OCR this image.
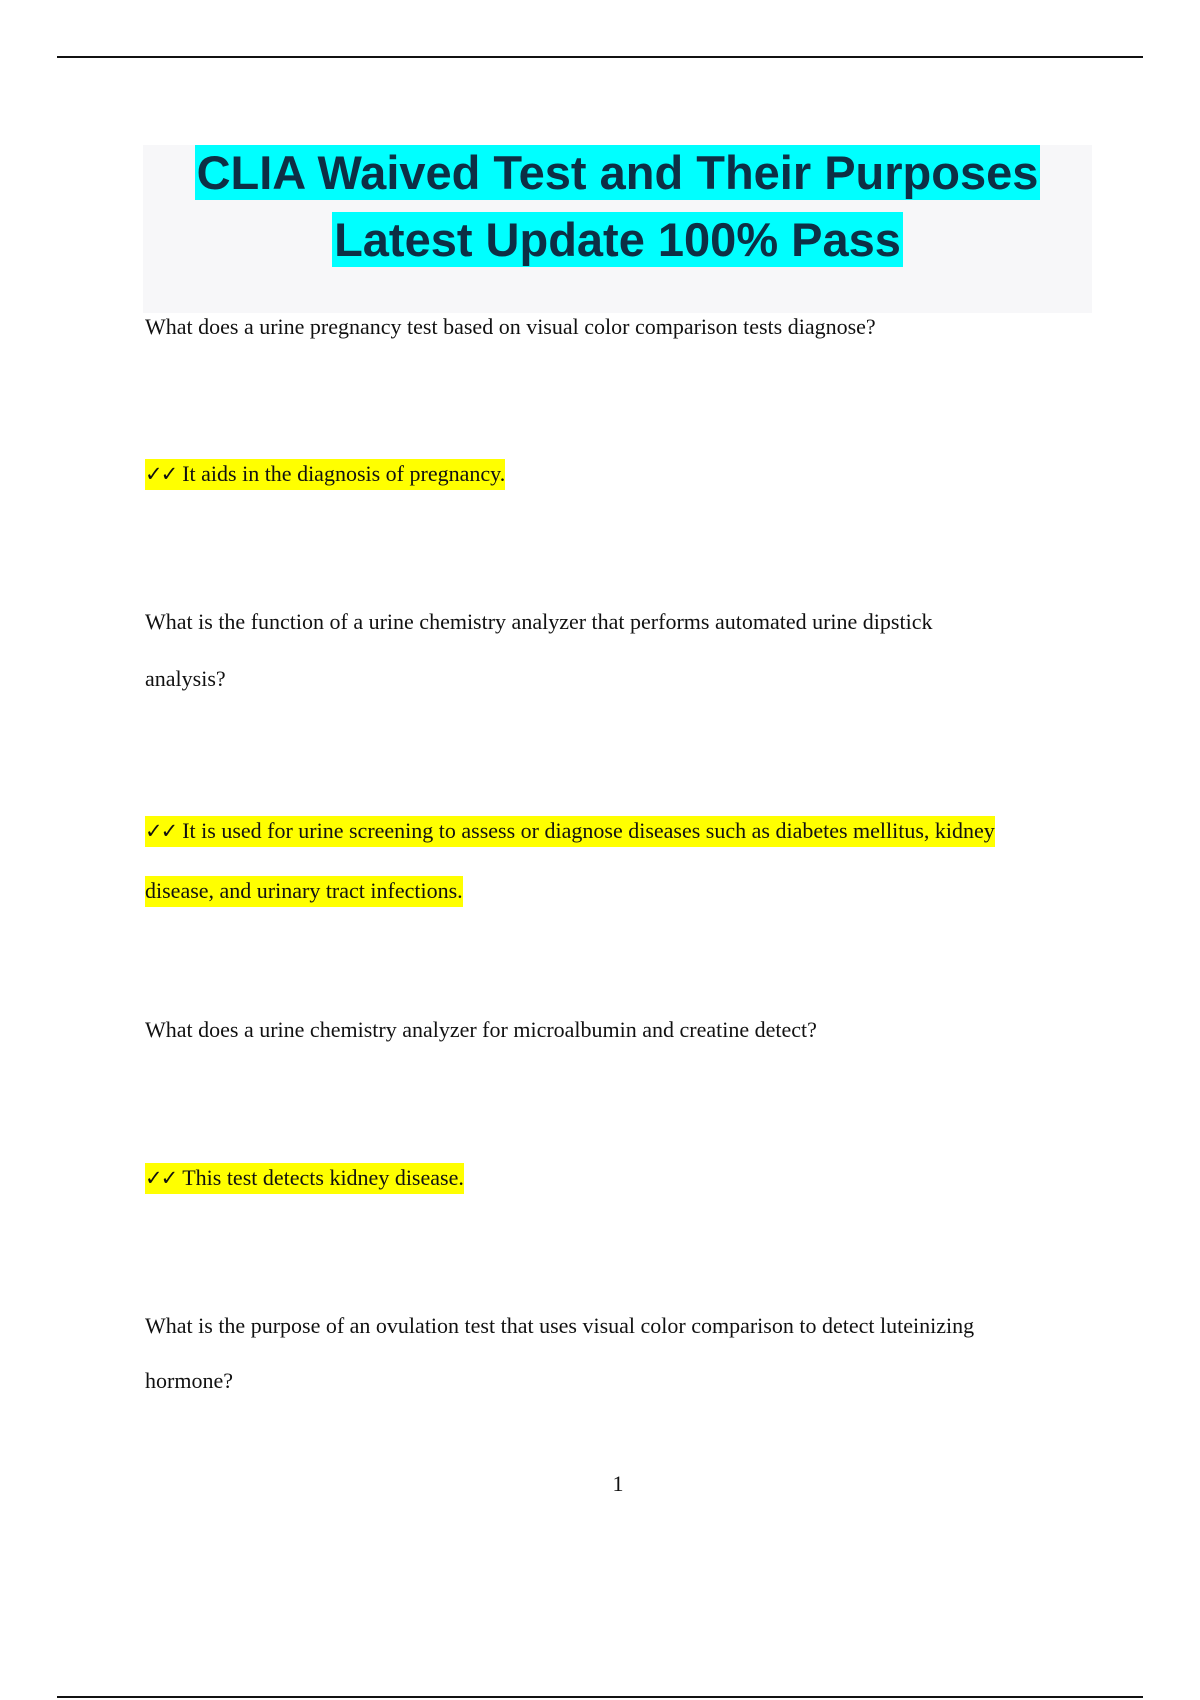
CLIA Waived Test and Their Purposes
Latest Update 100% Pass

What does a urine pregnancy test based on visual color comparison tests diagnose?

✓✓ It aids in the diagnosis of pregnancy.

What is the function of a urine chemistry analyzer that performs automated urine dipstick

analysis?

✓✓ It is used for urine screening to assess or diagnose diseases such as diabetes mellitus, kidney

disease, and urinary tract infections.

What does a urine chemistry analyzer for microalbumin and creatine detect?

✓✓ This test detects kidney disease.

What is the purpose of an ovulation test that uses visual color comparison to detect luteinizing

hormone?

1
